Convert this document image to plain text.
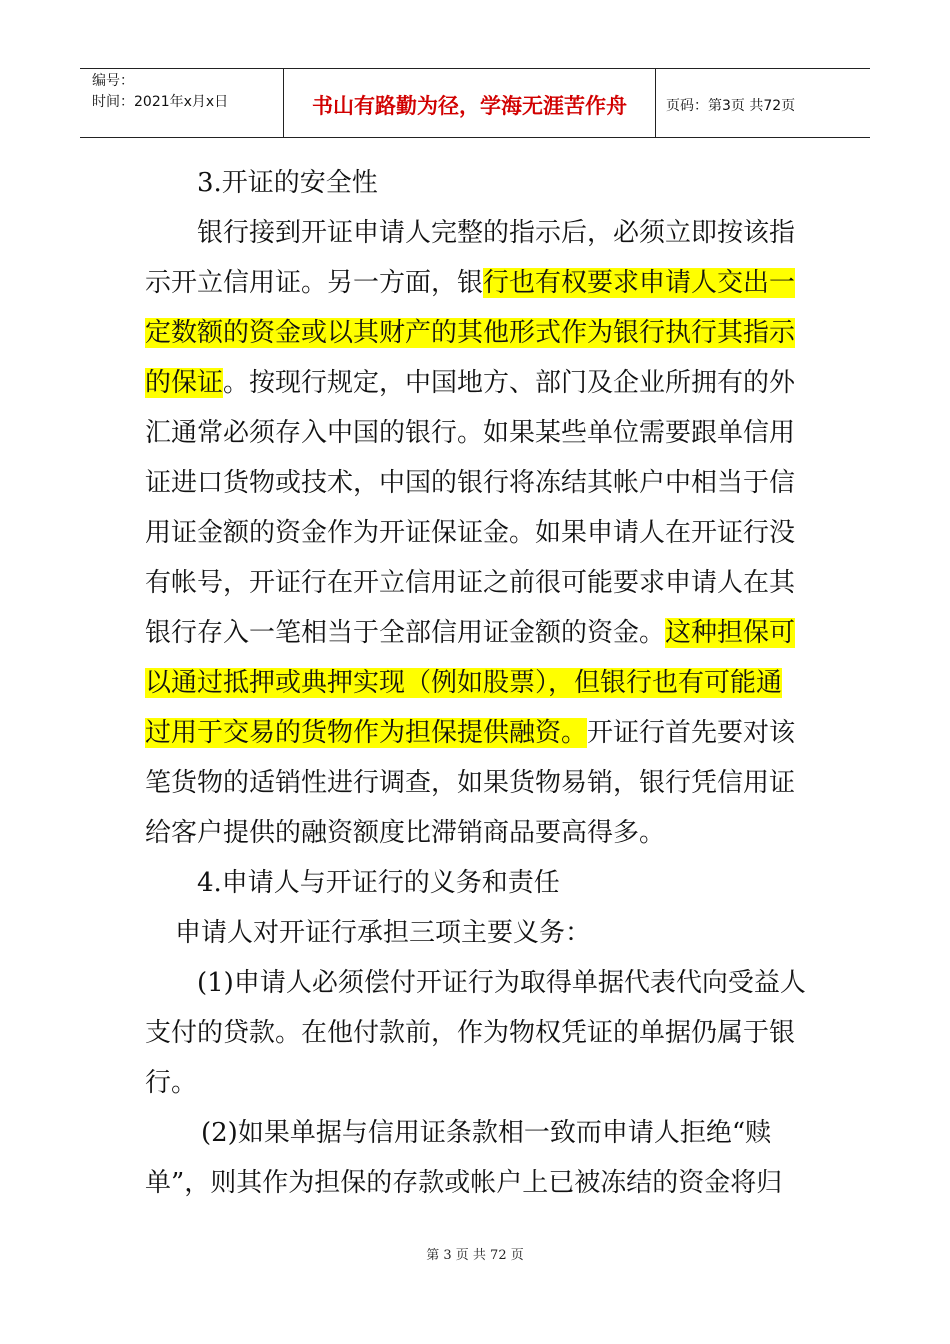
编号：
时间：2021年x月x日	书山有路勤为径，学海无涯苦作舟	页码：第3页 共72页
3.开证的安全性
银行接到开证申请人完整的指示后，必须立即按该指
示开立信用证。另一方面，银行也有权要求申请人交出一
定数额的资金或以其财产的其他形式作为银行执行其指示
的保证。按现行规定，中国地方、部门及企业所拥有的外
汇通常必须存入中国的银行。如果某些单位需要跟单信用
证进口货物或技术，中国的银行将冻结其帐户中相当于信
用证金额的资金作为开证保证金。如果申请人在开证行没
有帐号，开证行在开立信用证之前很可能要求申请人在其
银行存入一笔相当于全部信用证金额的资金。这种担保可
以通过抵押或典押实现（例如股票），但银行也有可能通
过用于交易的货物作为担保提供融资。开证行首先要对该
笔货物的适销性进行调查，如果货物易销，银行凭信用证
给客户提供的融资额度比滞销商品要高得多。
4.申请人与开证行的义务和责任
申请人对开证行承担三项主要义务：
(1)申请人必须偿付开证行为取得单据代表代向受益人
支付的贷款。在他付款前，作为物权凭证的单据仍属于银
行。
(2)如果单据与信用证条款相一致而申请人拒绝“赎
单”，则其作为担保的存款或帐户上已被冻结的资金将归
第 3 页 共 72 页
